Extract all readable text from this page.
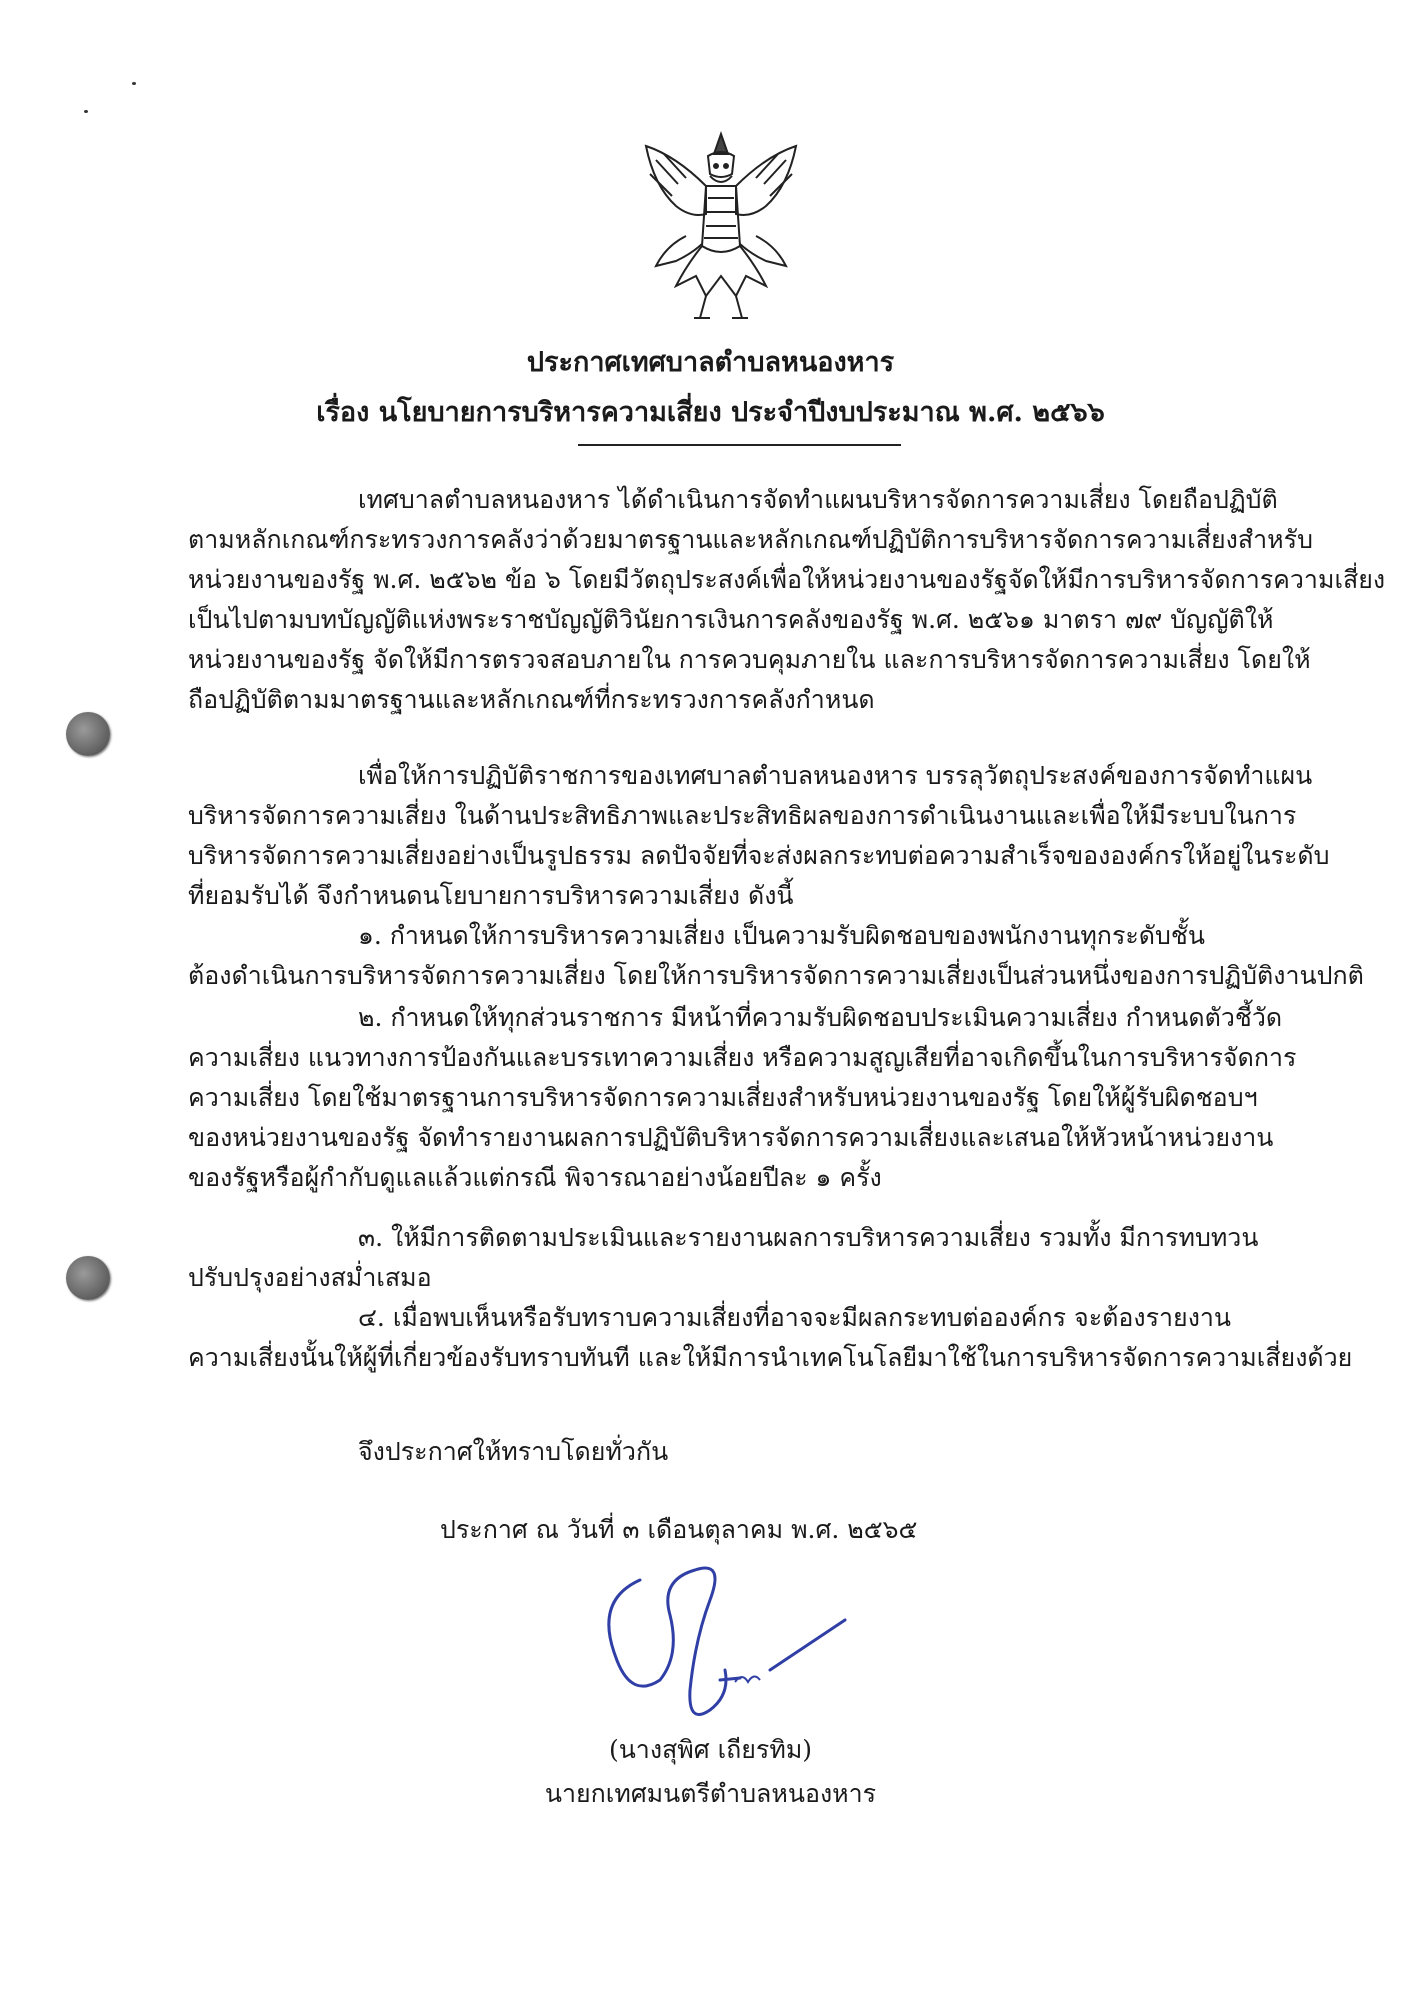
ประกาศเทศบาลตำบลหนองหาร
เรื่อง นโยบายการบริหารความเสี่ยง ประจำปีงบประมาณ พ.ศ. ๒๕๖๖
เทศบาลตำบลหนองหาร ได้ดำเนินการจัดทำแผนบริหารจัดการความเสี่ยง โดยถือปฏิบัติ
ตามหลักเกณฑ์กระทรวงการคลังว่าด้วยมาตรฐานและหลักเกณฑ์ปฏิบัติการบริหารจัดการความเสี่ยงสำหรับ
หน่วยงานของรัฐ พ.ศ. ๒๕๖๒ ข้อ ๖ โดยมีวัตถุประสงค์เพื่อให้หน่วยงานของรัฐจัดให้มีการบริหารจัดการความเสี่ยง
เป็นไปตามบทบัญญัติแห่งพระราชบัญญัติวินัยการเงินการคลังของรัฐ พ.ศ. ๒๕๖๑ มาตรา ๗๙ บัญญัติให้
หน่วยงานของรัฐ จัดให้มีการตรวจสอบภายใน การควบคุมภายใน และการบริหารจัดการความเสี่ยง โดยให้
ถือปฏิบัติตามมาตรฐานและหลักเกณฑ์ที่กระทรวงการคลังกำหนด
เพื่อให้การปฏิบัติราชการของเทศบาลตำบลหนองหาร บรรลุวัตถุประสงค์ของการจัดทำแผน
บริหารจัดการความเสี่ยง ในด้านประสิทธิภาพและประสิทธิผลของการดำเนินงานและเพื่อให้มีระบบในการ
บริหารจัดการความเสี่ยงอย่างเป็นรูปธรรม ลดปัจจัยที่จะส่งผลกระทบต่อความสำเร็จขององค์กรให้อยู่ในระดับ
ที่ยอมรับได้ จึงกำหนดนโยบายการบริหารความเสี่ยง ดังนี้
๑. กำหนดให้การบริหารความเสี่ยง เป็นความรับผิดชอบของพนักงานทุกระดับชั้น
ต้องดำเนินการบริหารจัดการความเสี่ยง โดยให้การบริหารจัดการความเสี่ยงเป็นส่วนหนึ่งของการปฏิบัติงานปกติ
๒. กำหนดให้ทุกส่วนราชการ มีหน้าที่ความรับผิดชอบประเมินความเสี่ยง กำหนดตัวชี้วัด
ความเสี่ยง แนวทางการป้องกันและบรรเทาความเสี่ยง หรือความสูญเสียที่อาจเกิดขึ้นในการบริหารจัดการ
ความเสี่ยง โดยใช้มาตรฐานการบริหารจัดการความเสี่ยงสำหรับหน่วยงานของรัฐ โดยให้ผู้รับผิดชอบฯ
ของหน่วยงานของรัฐ จัดทำรายงานผลการปฏิบัติบริหารจัดการความเสี่ยงและเสนอให้หัวหน้าหน่วยงาน
ของรัฐหรือผู้กำกับดูแลแล้วแต่กรณี พิจารณาอย่างน้อยปีละ ๑ ครั้ง
๓. ให้มีการติดตามประเมินและรายงานผลการบริหารความเสี่ยง รวมทั้ง มีการทบทวน
ปรับปรุงอย่างสม่ำเสมอ
๔. เมื่อพบเห็นหรือรับทราบความเสี่ยงที่อาจจะมีผลกระทบต่อองค์กร จะต้องรายงาน
ความเสี่ยงนั้นให้ผู้ที่เกี่ยวข้องรับทราบทันที และให้มีการนำเทคโนโลยีมาใช้ในการบริหารจัดการความเสี่ยงด้วย
จึงประกาศให้ทราบโดยทั่วกัน
ประกาศ ณ วันที่ ๓ เดือนตุลาคม พ.ศ. ๒๕๖๕
(นางสุพิศ เถียรทิม)
นายกเทศมนตรีตำบลหนองหาร
